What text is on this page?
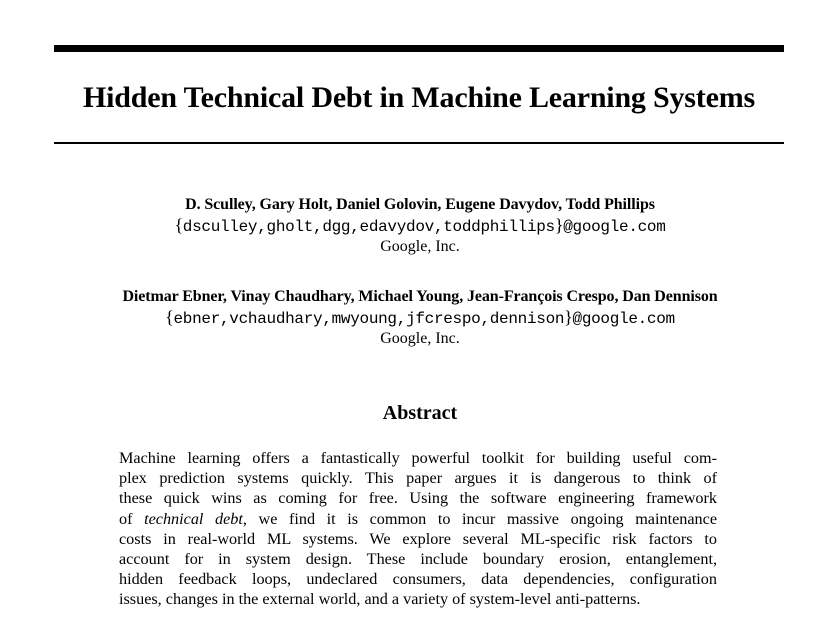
Hidden Technical Debt in Machine Learning Systems
D. Sculley, Gary Holt, Daniel Golovin, Eugene Davydov, Todd Phillips
{dsculley,gholt,dgg,edavydov,toddphillips}@google.com
Google, Inc.
Dietmar Ebner, Vinay Chaudhary, Michael Young, Jean-François Crespo, Dan Dennison
{ebner,vchaudhary,mwyoung,jfcrespo,dennison}@google.com
Google, Inc.
Abstract
Machine learning offers a fantastically powerful toolkit for building useful com-
plex prediction systems quickly. This paper argues it is dangerous to think of
these quick wins as coming for free. Using the software engineering framework
of technical debt, we find it is common to incur massive ongoing maintenance
costs in real-world ML systems. We explore several ML-specific risk factors to
account for in system design. These include boundary erosion, entanglement,
hidden feedback loops, undeclared consumers, data dependencies, configuration
issues, changes in the external world, and a variety of system-level anti-patterns.
